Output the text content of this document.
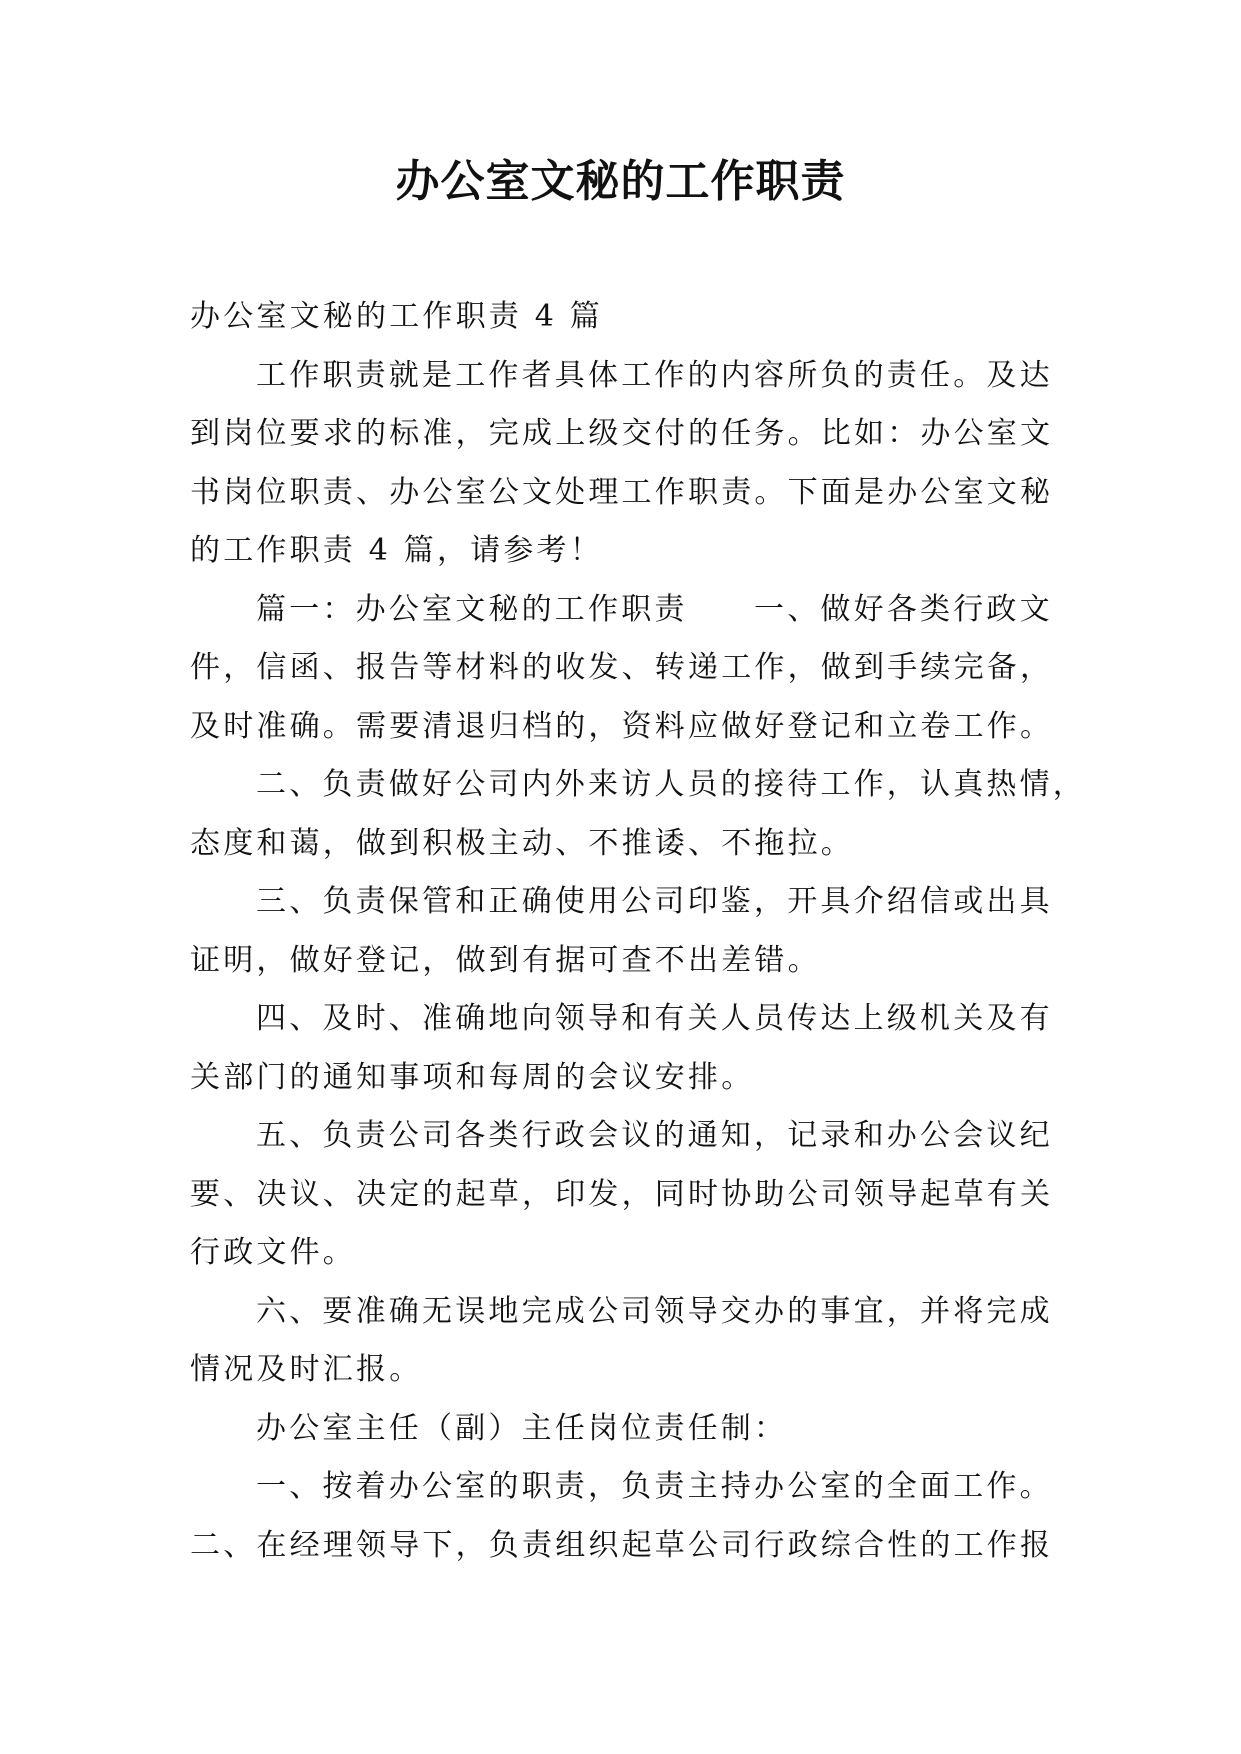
办公室文秘的工作职责
办公室文秘的工作职责 4 篇
工作职责就是工作者具体工作的内容所负的责任。及达
到岗位要求的标准，完成上级交付的任务。比如：办公室文
书岗位职责、办公室公文处理工作职责。下面是办公室文秘
的工作职责 4 篇，请参考！
篇一：办公室文秘的工作职责　　一、做好各类行政文
件，信函、报告等材料的收发、转递工作，做到手续完备，
及时准确。需要清退归档的，资料应做好登记和立卷工作。
二、负责做好公司内外来访人员的接待工作，认真热情，
态度和蔼，做到积极主动、不推诿、不拖拉。
三、负责保管和正确使用公司印鉴，开具介绍信或出具
证明，做好登记，做到有据可查不出差错。
四、及时、准确地向领导和有关人员传达上级机关及有
关部门的通知事项和每周的会议安排。
五、负责公司各类行政会议的通知，记录和办公会议纪
要、决议、决定的起草，印发，同时协助公司领导起草有关
行政文件。
六、要准确无误地完成公司领导交办的事宜，并将完成
情况及时汇报。
办公室主任（副）主任岗位责任制：
一、按着办公室的职责，负责主持办公室的全面工作。
二、在经理领导下，负责组织起草公司行政综合性的工作报
